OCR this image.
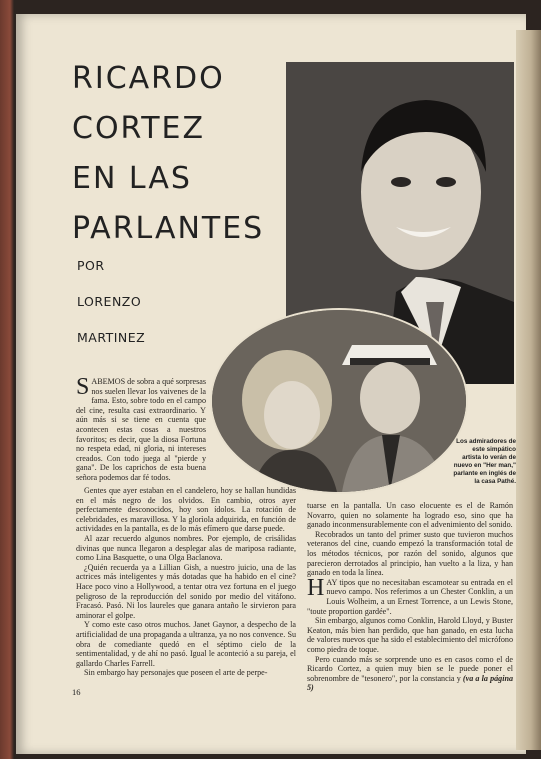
RICARDO
CORTEZ
EN LAS
PARLANTES
POR
LORENZO
MARTINEZ
Los admiradores de este simpático artista lo verán de nuevo en "Her man," parlante en inglés de la casa Pathé.
SABEMOS de sobra a qué sorpresas nos suelen llevar los vaivenes de la fama. Esto, sobre todo en el campo del cine, resulta casi extraordinario. Y aún más si se tiene en cuenta que acontecen estas cosas a nuestros favoritos; es decir, que la diosa Fortuna no respeta edad, ni gloria, ni intereses creados. Con todo juega al "pierde y gana". De los caprichos de esta buena señora podemos dar fé todos.

Gentes que ayer estaban en el candelero, hoy se hallan hundidas en el más negro de los olvidos. En cambio, otros ayer perfectamente desconocidos, hoy son ídolos. La rotación de celebridades, es maravillosa. Y la glorìola adquirida, en función de actividades en la pantalla, es de lo más efímero que darse puede.

Al azar recuerdo algunos nombres. Por ejemplo, de crisálidas divinas que nunca llegaron a desplegar alas de mariposa radiante, como Lina Basquette, o una Olga Baclanova.

¿Quién recuerda ya a Lillian Gish, a nuestro juicio, una de las actrices más inteligentes y más dotadas que ha habido en el cine? Hace poco vino a Hollywood, a tentar otra vez fortuna en el juego peligroso de la reproducción del sonido por medio del vitáfono. Fracasó. Pasó. Ni los laureles que ganara antaño le sirvieron para aminorar el golpe.

Y como este caso otros muchos. Janet Gaynor, a despecho de la artificialidad de una propaganda a ultranza, ya no nos convence. Su obra de comediante quedó en el séptimo cielo de la sentimentalidad, y de ahí no pasó. Igual le aconteció a su pareja, el gallardo Charles Farrell.

Sin embargo hay personajes que poseen el arte de perpe-

tuarse en la pantalla. Un caso elocuente es el de Ramón Novarro, quien no solamente ha logrado eso, sino que ha ganado inconmensurablemente con el advenimiento del sonido.

Recobrados un tanto del primer susto que tuvieron muchos veteranos del cine, cuando empezó la transformación total de los métodos técnicos, por razón del sonido, algunos que parecieron derrotados al principio, han vuelto a la liza, y han ganado en toda la línea.

HAY tipos que no necesitaban escamotear su entrada en el nuevo campo. Nos referimos a un Chester Conklin, a un Louis Wolheim, a un Ernest Torrence, a un Lewis Stone, "toute proportion gardée".

Sin embargo, algunos como Conklin, Harold Lloyd, y Buster Keaton, más bien han perdido, que han ganado, en esta lucha de valores nuevos que ha sido el establecimiento del micrófono como piedra de toque.

Pero cuando más se sorprende uno es en casos como el de Ricardo Cortez, a quien muy bien se le puede poner el sobrenombre de "tesonero", por la constancia y (va a la página 5)

16
